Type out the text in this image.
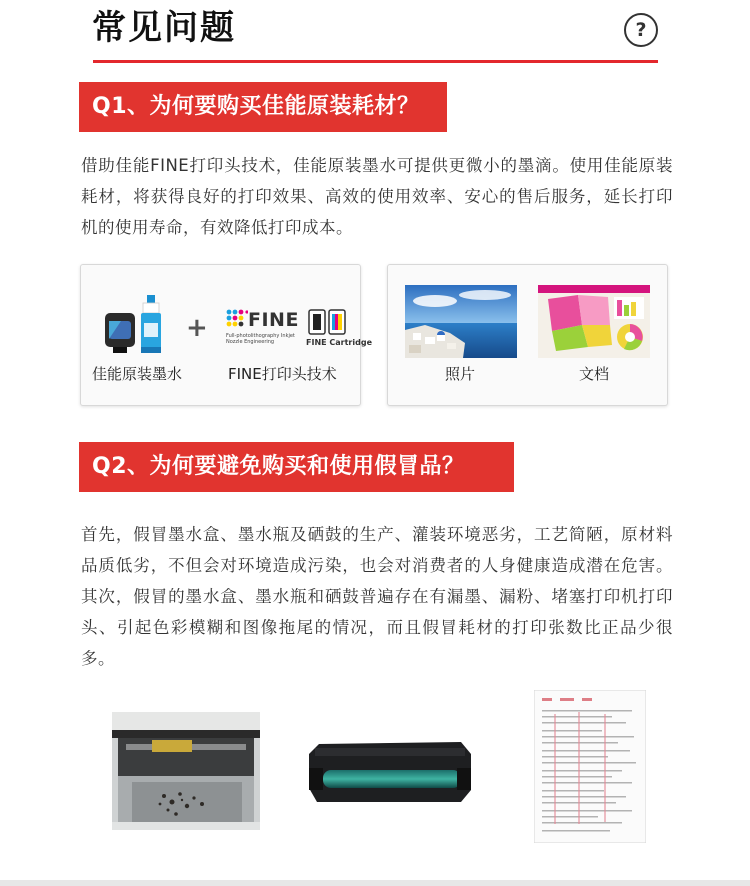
常见问题	?
Q1、为何要购买佳能原装耗材？
借助佳能FINE打印头技术，佳能原装墨水可提供更微小的墨滴。使用佳能原装耗材，将获得良好的打印效果、高效的使用效率、安心的售后服务，延长打印机的使用寿命，有效降低打印成本。
+ FINE
Full-photolithography Inkjet Nozzle Engineering	FINE Cartridge
佳能原装墨水	FINE打印头技术	照片	文档
Q2、为何要避免购买和使用假冒品？
首先，假冒墨水盒、墨水瓶及硒鼓的生产、灌装环境恶劣，工艺简陋，原材料品质低劣，不但会对环境造成污染，也会对消费者的人身健康造成潜在危害。其次，假冒的墨水盒、墨水瓶和硒鼓普遍存在有漏墨、漏粉、堵塞打印机打印头、引起色彩模糊和图像拖尾的情况，而且假冒耗材的打印张数比正品少很多。
